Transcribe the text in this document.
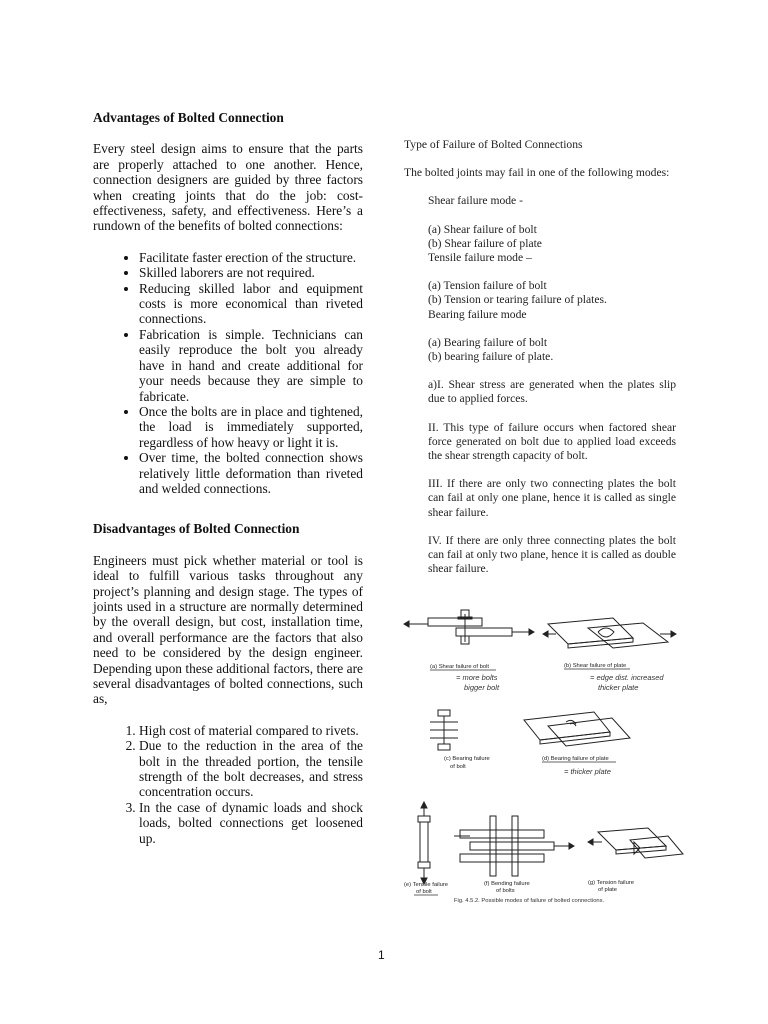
Advantages of Bolted Connection

Every steel design aims to ensure that the parts are properly attached to one another. Hence, connection designers are guided by three factors when creating joints that do the job: cost-effectiveness, safety, and effectiveness. Here’s a rundown of the benefits of bolted connections:

• Facilitate faster erection of the structure.
• Skilled laborers are not required.
• Reducing skilled labor and equipment costs is more economical than riveted connections.
• Fabrication is simple. Technicians can easily reproduce the bolt you already have in hand and create additional for your needs because they are simple to fabricate.
• Once the bolts are in place and tightened, the load is immediately supported, regardless of how heavy or light it is.
• Over time, the bolted connection shows relatively little deformation than riveted and welded connections.
Disadvantages of Bolted Connection

Engineers must pick whether material or tool is ideal to fulfill various tasks throughout any project’s planning and design stage. The types of joints used in a structure are normally determined by the overall design, but cost, installation time, and overall performance are the factors that also need to be considered by the design engineer. Depending upon these additional factors, there are several disadvantages of bolted connections, such as,

1. High cost of material compared to rivets.
2. Due to the reduction in the area of the bolt in the threaded portion, the tensile strength of the bolt decreases, and stress concentration occurs.
3. In the case of dynamic loads and shock loads, bolted connections get loosened up.

Type of Failure of Bolted Connections

The bolted joints may fail in one of the following modes:

Shear failure mode -

(a) Shear failure of bolt

(b) Shear failure of plate

Tensile failure mode –

(a) Tension failure of bolt

(b) Tension or tearing failure of plates.

Bearing failure mode

(a) Bearing failure of bolt

(b) bearing failure of plate.

a)I. Shear stress are generated when the plates slip due to applied forces.

II. This type of failure occurs when factored shear force generated on bolt due to applied load exceeds the shear strength capacity of bolt.

III. If there are only two connecting plates the bolt can fail at only one plane, hence it is called as single shear failure.

IV. If there are only three connecting plates the bolt can fail at only two plane, hence it is called as double shear failure.

(a) Shear failure of bolt	(b) Shear failure of plate
(c) Bearing failure
of bolt
(d) Bearing failure of plate
(e) Tensile failure
of bolt
(f) Bending failure
of bolts
(g) Tension failure
of plate
= more bolts
bigger bolt
= edge dist. increased
thicker plate
= thicker plate
Fig. 4.5.2. Possible modes of failure of bolted connections.
1
